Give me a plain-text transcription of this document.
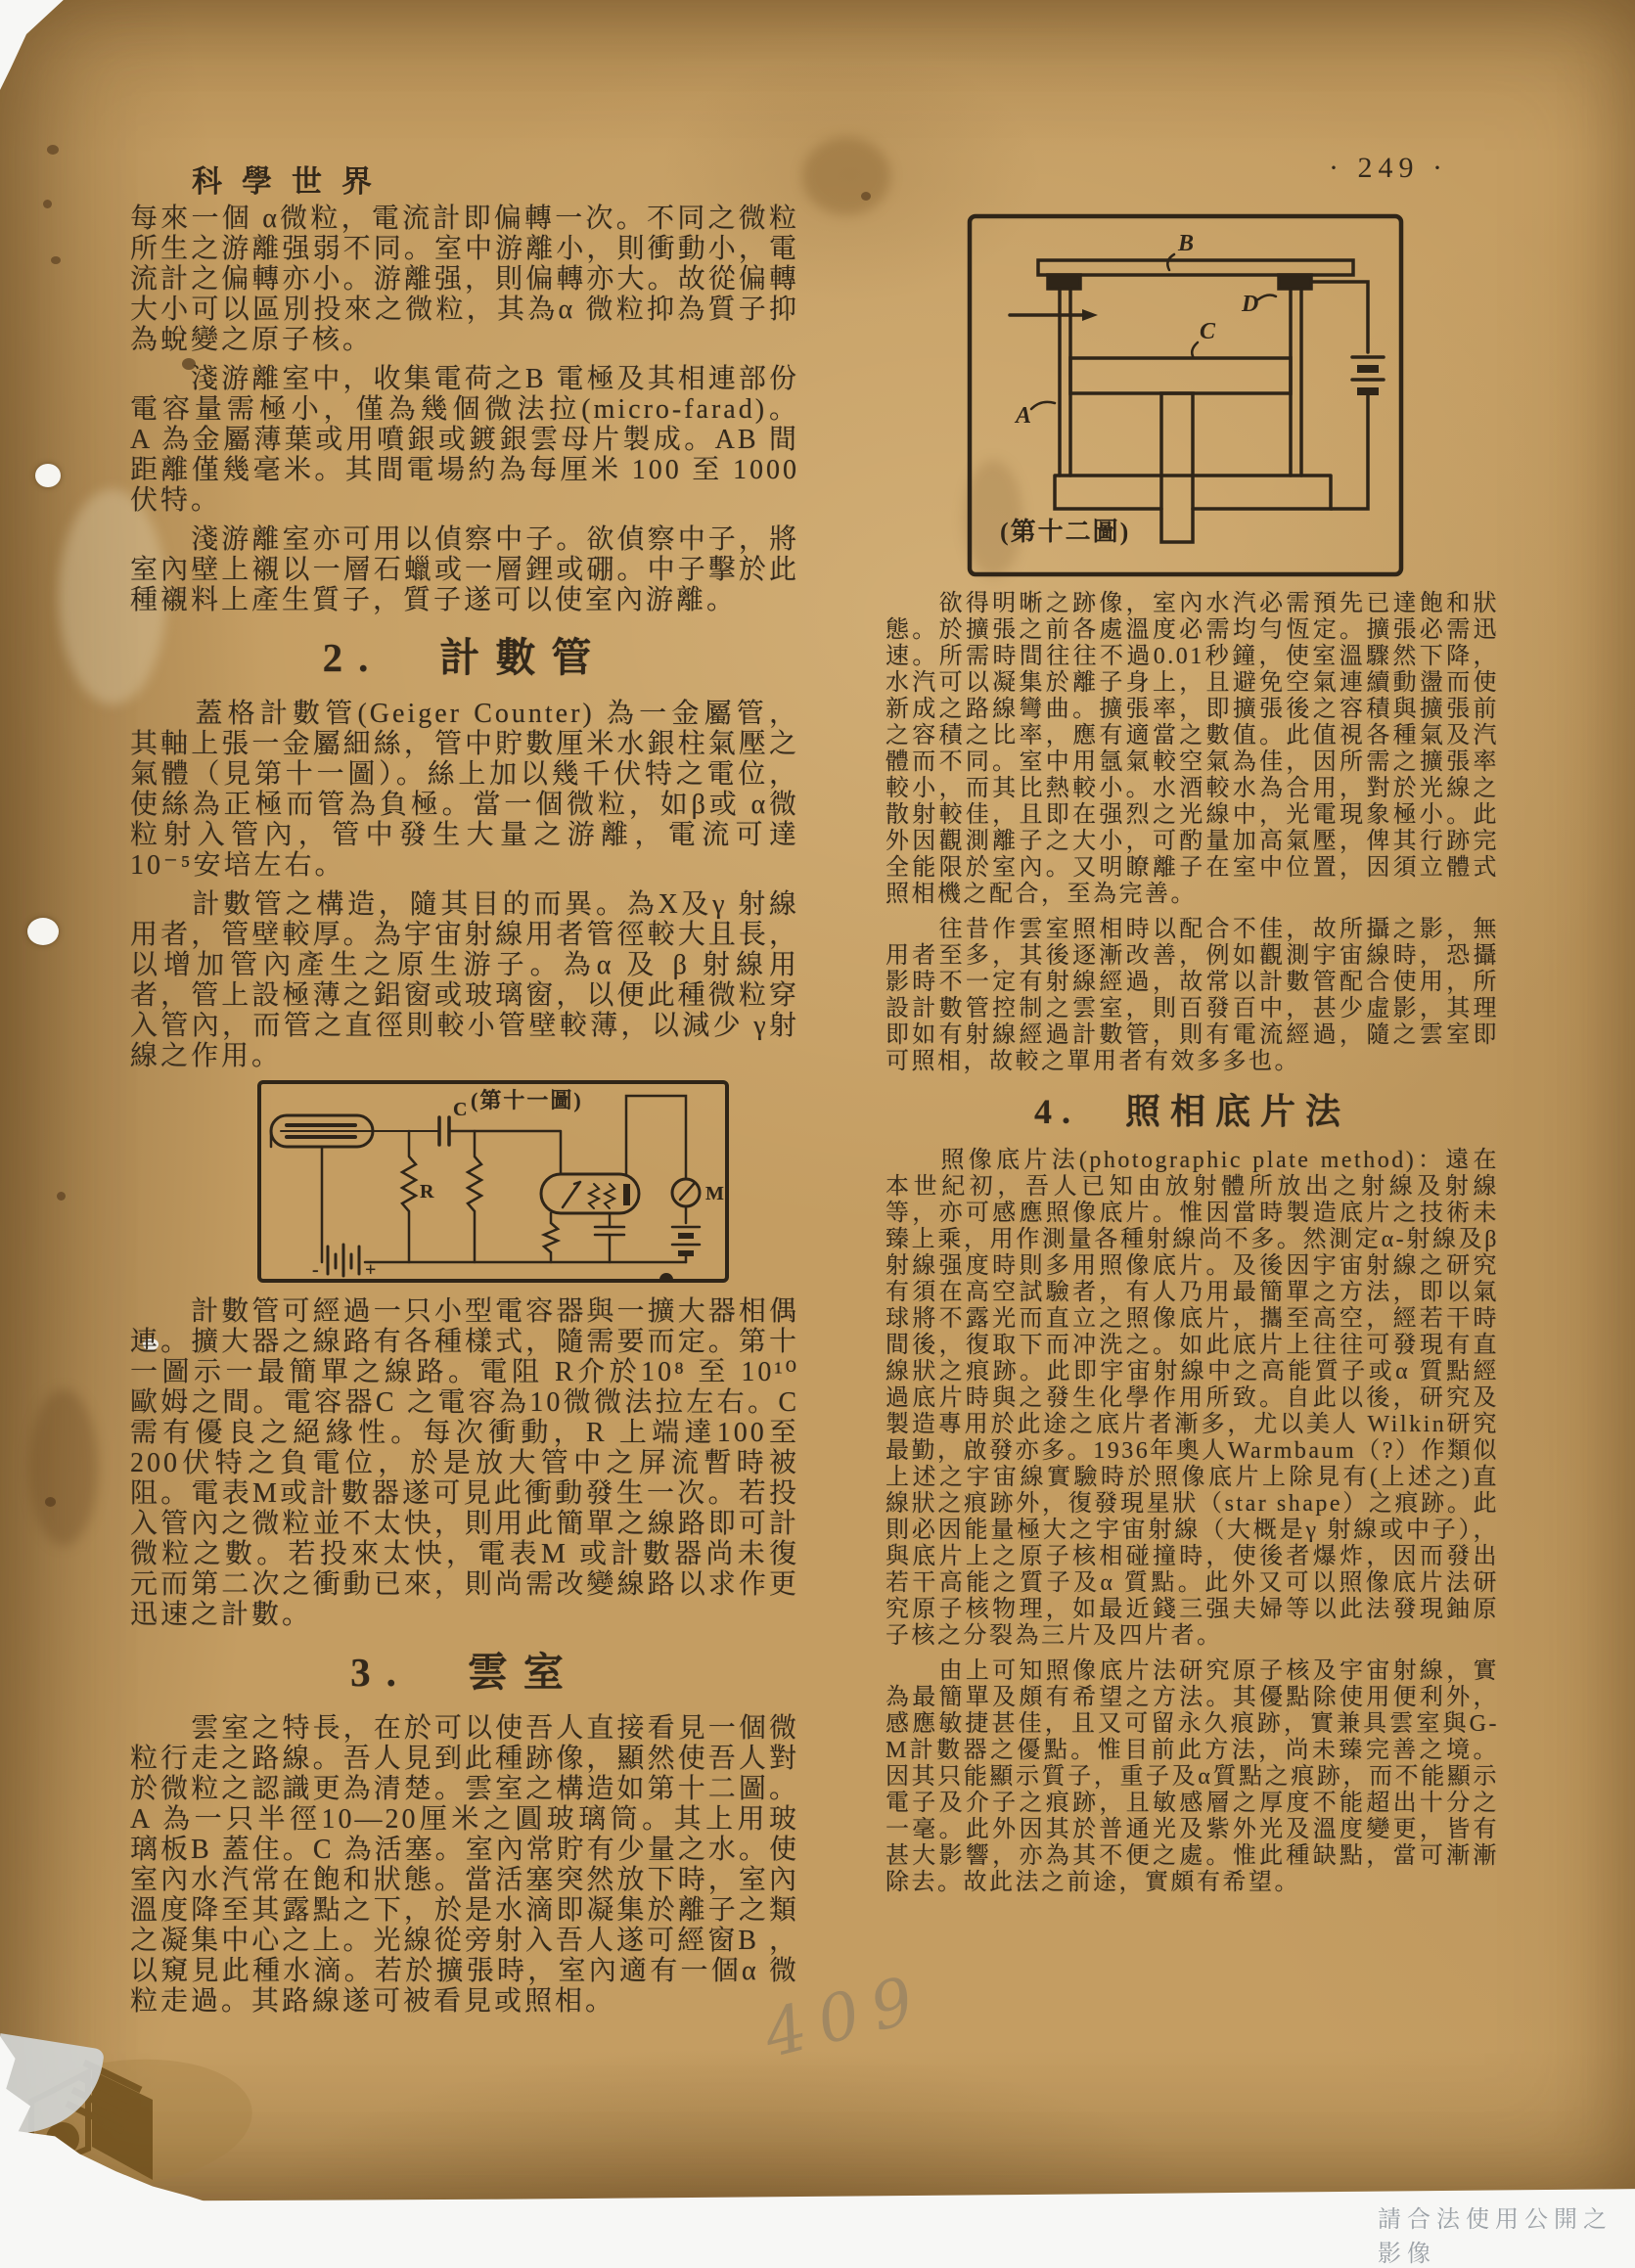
科學世界	· 249 ·

每來一個 α微粒，電流計即偏轉一次。不同之微粒所生之游離强弱不同。室中游離小，則衝動小，電流計之偏轉亦小。游離强，則偏轉亦大。故從偏轉大小可以區別投來之微粒，其為α 微粒抑為質子抑為蛻變之原子核。

　　淺游離室中，收集電荷之B 電極及其相連部份電容量需極小，僅為幾個微法拉(micro-farad)。 A 為金屬薄葉或用噴銀或鍍銀雲母片製成。AB 間距離僅幾毫米。其間電場約為每厘米 100 至 1000 伏特。

　　淺游離室亦可用以偵察中子。欲偵察中子，將室內壁上襯以一層石蠟或一層鋰或硼。中子擊於此種襯料上產生質子，質子遂可以使室內游離。

2.　計數管

　　蓋格計數管(Geiger Counter) 為一金屬管，其軸上張一金屬細絲，管中貯數厘米水銀柱氣壓之氣體（見第十一圖）。絲上加以幾千伏特之電位，使絲為正極而管為負極。當一個微粒，如β或 α微粒射入管內，管中發生大量之游離，電流可達10⁻⁵安培左右。

　　計數管之構造，隨其目的而異。為X及γ 射線用者，管壁較厚。為宇宙射線用者管徑較大且長，以增加管內產生之原生游子。為α 及 β 射線用者，管上設極薄之鋁窗或玻璃窗，以便此種微粒穿入管內，而管之直徑則較小管壁較薄，以減少 γ射線之作用。

(第十一圖)
- +
R
C
M

　　計數管可經過一只小型電容器與一擴大器相偶連。擴大器之線路有各種樣式，隨需要而定。第十一圖示一最簡單之線路。電阻 R介於10⁸ 至 10¹⁰歐姆之間。電容器C 之電容為10微微法拉左右。C需有優良之絕緣性。每次衝動，R 上端達100至200伏特之負電位，於是放大管中之屏流暫時被阻。電表M或計數器遂可見此衝動發生一次。若投入管內之微粒並不太快，則用此簡單之線路即可計微粒之數。若投來太快，電表M 或計數器尚未復元而第二次之衝動已來，則尚需改變線路以求作更迅速之計數。

3.　雲室

　　雲室之特長，在於可以使吾人直接看見一個微粒行走之路線。吾人見到此種跡像，顯然使吾人對於微粒之認識更為清楚。雲室之構造如第十二圖。A 為一只半徑10—20厘米之圓玻璃筒。其上用玻璃板B 蓋住。C 為活塞。室內常貯有少量之水。使室內水汽常在飽和狀態。當活塞突然放下時，室內溫度降至其露點之下，於是水滴即凝集於離子之類之凝集中心之上。光線從旁射入吾人遂可經窗B ，以窺見此種水滴。若於擴張時，室內適有一個α 微粒走過。其路線遂可被看見或照相。

　　欲得明晰之跡像，室內水汽必需預先已達飽和狀態。於擴張之前各處溫度必需均勻恆定。擴張必需迅速。所需時間往往不過0.01秒鐘，使室溫驟然下降，水汽可以凝集於離子身上，且避免空氣連續動盪而使新成之路線彎曲。擴張率，即擴張後之容積與擴張前之容積之比率，應有適當之數值。此值視各種氣及汽體而不同。室中用氬氣較空氣為佳，因所需之擴張率較小，而其比熱較小。水酒較水為合用，對於光線之散射較佳，且即在强烈之光線中，光電現象極小。此外因觀測離子之大小，可酌量加高氣壓，俾其行跡完全能限於室內。又明瞭離子在室中位置，因須立體式照相機之配合，至為完善。

　　往昔作雲室照相時以配合不佳，故所攝之影，無用者至多，其後逐漸改善，例如觀測宇宙線時，恐攝影時不一定有射線經過，故常以計數管配合使用，所設計數管控制之雲室，則百發百中，甚少虛影，其理即如有射線經過計數管，則有電流經過，隨之雲室即可照相，故較之單用者有效多多也。

4.　照相底片法

　　照像底片法(photographic plate method)：遠在本世紀初，吾人已知由放射體所放出之射線及射線等，亦可感應照像底片。惟因當時製造底片之技術未臻上乘，用作測量各種射線尚不多。然測定α-射線及β射線强度時則多用照像底片。及後因宇宙射線之研究有須在高空試驗者，有人乃用最簡單之方法，即以氣球將不露光而直立之照像底片，攜至高空，經若干時間後，復取下而冲洗之。如此底片上往往可發現有直線狀之痕跡。此即宇宙射線中之高能質子或α 質點經過底片時與之發生化學作用所致。自此以後，研究及製造專用於此途之底片者漸多，尤以美人 Wilkin研究最勤，啟發亦多。1936年奧人Warmbaum（?）作類似上述之宇宙線實驗時於照像底片上除見有(上述之)直線狀之痕跡外，復發現星狀（star shape）之痕跡。此則必因能量極大之宇宙射線（大概是γ 射線或中子），與底片上之原子核相碰撞時，使後者爆炸，因而發出若干高能之質子及α 質點。此外又可以照像底片法研究原子核物理，如最近錢三强夫婦等以此法發現鈾原子核之分裂為三片及四片者。

　　由上可知照像底片法研究原子核及宇宙射線，實為最簡單及頗有希望之方法。其優點除使用便利外，感應敏捷甚佳，且又可留永久痕跡，實兼具雲室與G-M計數器之優點。惟目前此方法，尚未臻完善之境。因其只能顯示質子，重子及α質點之痕跡，而不能顯示電子及介子之痕跡，且敏感層之厚度不能超出十分之一毫。此外因其於普通光及紫外光及溫度變更，皆有甚大影響，亦為其不便之處。惟此種缺點，當可漸漸除去。故此法之前途，實頗有希望。

B
D
C
A
(第十二圖)
409
請合法使用公開之影像
